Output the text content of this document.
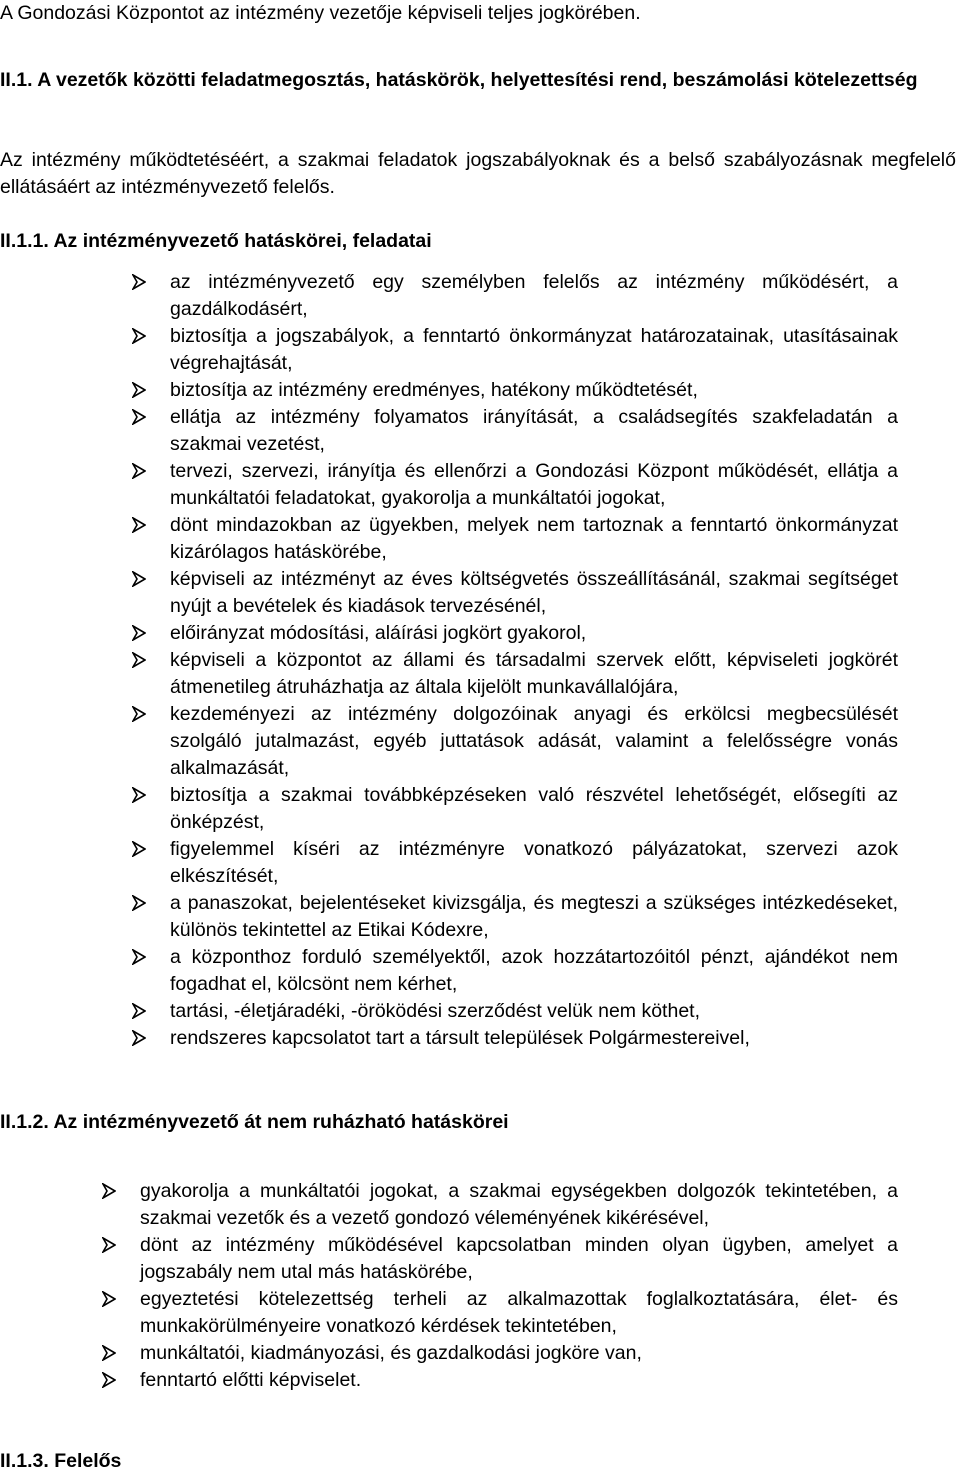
A Gondozási Központot az intézmény vezetője képviseli teljes jogkörében.
II.1. A vezetők közötti feladatmegosztás, hatáskörök, helyettesítési rend, beszámolási kötelezettség
Az intézmény működtetéséért, a szakmai feladatok jogszabályoknak és a belső szabályozásnak megfelelő ellátásáért az intézményvezető felelős.
II.1.1. Az intézményvezető hatáskörei, feladatai
az intézményvezető egy személyben felelős az intézmény működésért, a gazdálkodásért,
biztosítja a jogszabályok, a fenntartó önkormányzat határozatainak, utasításainak végrehajtását,
biztosítja az intézmény eredményes, hatékony működtetését,
ellátja az intézmény folyamatos irányítását, a családsegítés szakfeladatán a szakmai vezetést,
tervezi, szervezi, irányítja és ellenőrzi a Gondozási Központ működését, ellátja a munkáltatói feladatokat, gyakorolja a munkáltatói jogokat,
dönt mindazokban az ügyekben, melyek nem tartoznak a fenntartó önkormányzat kizárólagos hatáskörébe,
képviseli az intézményt az éves költségvetés összeállításánál, szakmai segítséget nyújt a bevételek és kiadások tervezésénél,
előirányzat módosítási, aláírási jogkört gyakorol,
képviseli a központot az állami és társadalmi szervek előtt, képviseleti jogkörét átmenetileg átruházhatja az általa kijelölt munkavállalójára,
kezdeményezi az intézmény dolgozóinak anyagi és erkölcsi megbecsülését szolgáló jutalmazást, egyéb juttatások adását, valamint a felelősségre vonás alkalmazását,
biztosítja a szakmai továbbképzéseken való részvétel lehetőségét, elősegíti az önképzést,
figyelemmel kíséri az intézményre vonatkozó pályázatokat, szervezi azok elkészítését,
a panaszokat, bejelentéseket kivizsgálja, és megteszi a szükséges intézkedéseket, különös tekintettel az Etikai Kódexre,
a központhoz forduló személyektől, azok hozzátartozóitól pénzt, ajándékot nem fogadhat el, kölcsönt nem kérhet,
tartási, -életjáradéki, -öröködési szerződést velük nem köthet,
rendszeres kapcsolatot tart a társult települések Polgármestereivel,
II.1.2. Az intézményvezető át nem ruházható hatáskörei
gyakorolja a munkáltatói jogokat, a szakmai egységekben dolgozók tekintetében, a szakmai vezetők és a vezető gondozó véleményének kikérésével,
dönt az intézmény működésével kapcsolatban minden olyan ügyben, amelyet a jogszabály nem utal más hatáskörébe,
egyeztetési kötelezettség terheli az alkalmazottak foglalkoztatására, élet- és munkakörülményeire vonatkozó kérdések tekintetében,
munkáltatói, kiadmányozási, és gazdalkodási jogköre van,
fenntartó előtti képviselet.
II.1.3. Felelős
